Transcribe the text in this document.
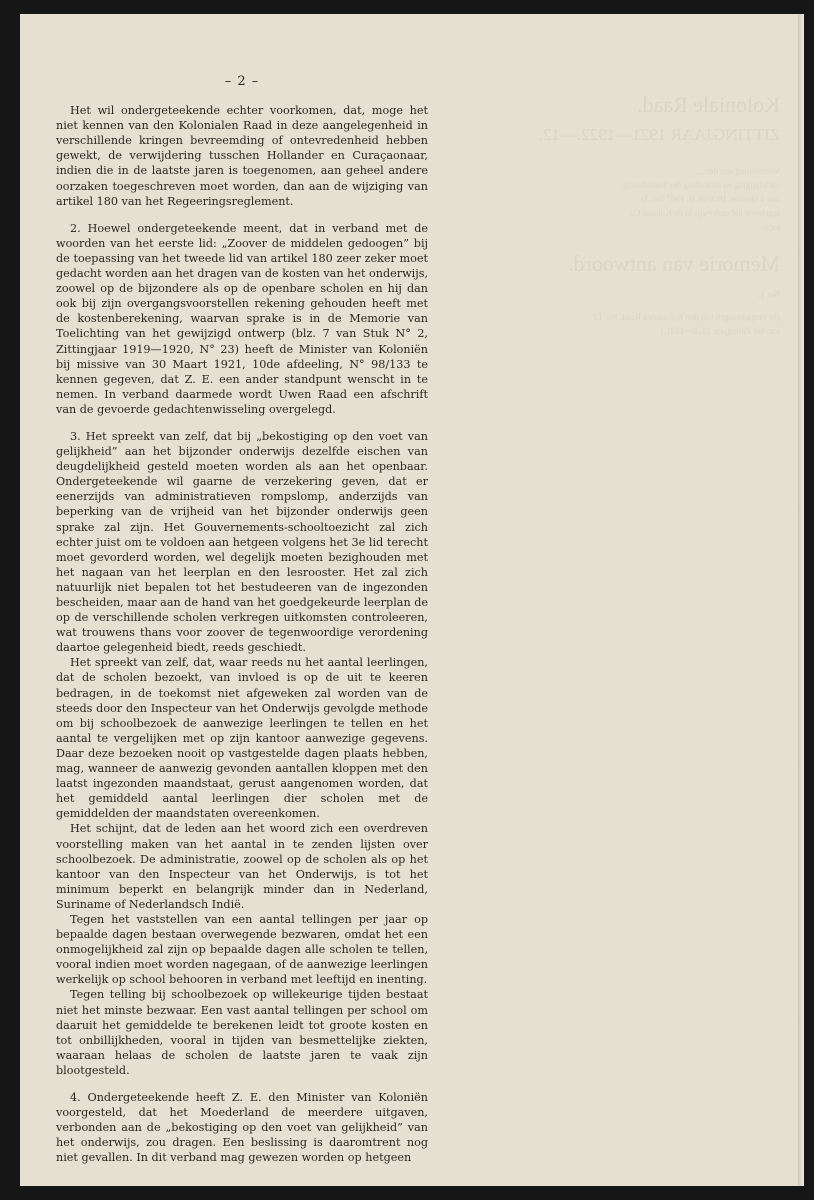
Koloniale Raad.
ZITTINGJAAR 1921—1922.—12.
Verordening van den ...
tot wijziging en aanvulling der Verordening
van 4 October 1906 (P. B. 1907 No. 3)
regelende het onderwijs in de Kolonie Cu-
raçao.
Memorie van antwoord.
No 1.
(In vergaderingen van den Kolonialen Raad, No. 12
van het Zittingjaar 1920—1921.)
– 2 –

Het wil ondergeteekende echter voorkomen, dat, moge het niet kennen van den Kolonialen Raad in deze aangelegenheid in verschillende kringen bevreemding of ontevredenheid hebben gewekt, de verwijdering tusschen Hollander en Curaçaonaar, indien die in de laatste jaren is toegenomen, aan geheel andere oorzaken toegeschreven moet worden, dan aan de wijziging van artikel 180 van het Regeeringsreglement.

2. Hoewel ondergeteekende meent, dat in verband met de woorden van het eerste lid: „Zoover de middelen gedoogen” bij de toepassing van het tweede lid van artikel 180 zeer zeker moet gedacht worden aan het dragen van de kosten van het onderwijs, zoowel op de bijzondere als op de openbare scholen en hij dan ook bij zijn overgangsvoorstellen rekening gehouden heeft met de kostenberekening, waarvan sprake is in de Memorie van Toelichting van het gewijzigd ontwerp (blz. 7 van Stuk N° 2, Zittingjaar 1919—1920, N° 23) heeft de Minister van Koloniën bij missive van 30 Maart 1921, 10de afdeeling, N° 98/133 te kennen gegeven, dat Z. E. een ander standpunt wenscht in te nemen. In verband daarmede wordt Uwen Raad een afschrift van de gevoerde gedachtenwisseling overgelegd.

3. Het spreekt van zelf, dat bij „bekostiging op den voet van gelijkheid” aan het bijzonder onderwijs dezelfde eischen van deugdelijkheid gesteld moeten worden als aan het openbaar. Ondergeteekende wil gaarne de verzekering geven, dat er eenerzijds van administratieven rompslomp, anderzijds van beperking van de vrijheid van het bijzonder onderwijs geen sprake zal zijn. Het Gouvernements-schooltoezicht zal zich echter juist om te voldoen aan hetgeen volgens het 3e lid terecht moet gevorderd worden, wel degelijk moeten bezighouden met het nagaan van het leerplan en den lesrooster. Het zal zich natuurlijk niet bepalen tot het bestudeeren van de ingezonden bescheiden, maar aan de hand van het goedgekeurde leerplan de op de verschillende scholen verkregen uitkomsten controleeren, wat trouwens thans voor zoover de tegenwoordige verordening daartoe gelegenheid biedt, reeds geschiedt.

Het spreekt van zelf, dat, waar reeds nu het aantal leerlingen, dat de scholen bezoekt, van invloed is op de uit te keeren bedragen, in de toekomst niet afgeweken zal worden van de steeds door den Inspecteur van het Onderwijs gevolgde methode om bij schoolbezoek de aanwezige leerlingen te tellen en het aantal te vergelijken met op zijn kantoor aanwezige gegevens. Daar deze bezoeken nooit op vastgestelde dagen plaats hebben, mag, wanneer de aanwezig gevonden aantallen kloppen met den laatst ingezonden maandstaat, gerust aangenomen worden, dat het gemiddeld aantal leerlingen dier scholen met de gemiddelden der maandstaten overeenkomen.

Het schijnt, dat de leden aan het woord zich een overdreven voorstelling maken van het aantal in te zenden lijsten over schoolbezoek. De administratie, zoowel op de scholen als op het kantoor van den Inspecteur van het Onderwijs, is tot het minimum beperkt en belangrijk minder dan in Nederland, Suriname of Nederlandsch Indië.

Tegen het vaststellen van een aantal tellingen per jaar op bepaalde dagen bestaan overwegende bezwaren, omdat het een onmogelijkheid zal zijn op bepaalde dagen alle scholen te tellen, vooral indien moet worden nagegaan, of de aanwezige leerlingen werkelijk op school behooren in verband met leeftijd en inenting.

Tegen telling bij schoolbezoek op willekeurige tijden bestaat niet het minste bezwaar. Een vast aantal tellingen per school om daaruit het gemiddelde te berekenen leidt tot groote kosten en tot onbillijkheden, vooral in tijden van besmettelijke ziekten, waaraan helaas de scholen de laatste jaren te vaak zijn blootgesteld.

4. Ondergeteekende heeft Z. E. den Minister van Koloniën voorgesteld, dat het Moederland de meerdere uitgaven, verbonden aan de „bekostiging op den voet van gelijkheid” van het onderwijs, zou dragen. Een beslissing is daaromtrent nog niet gevallen. In dit verband mag gewezen worden op hetgeen
